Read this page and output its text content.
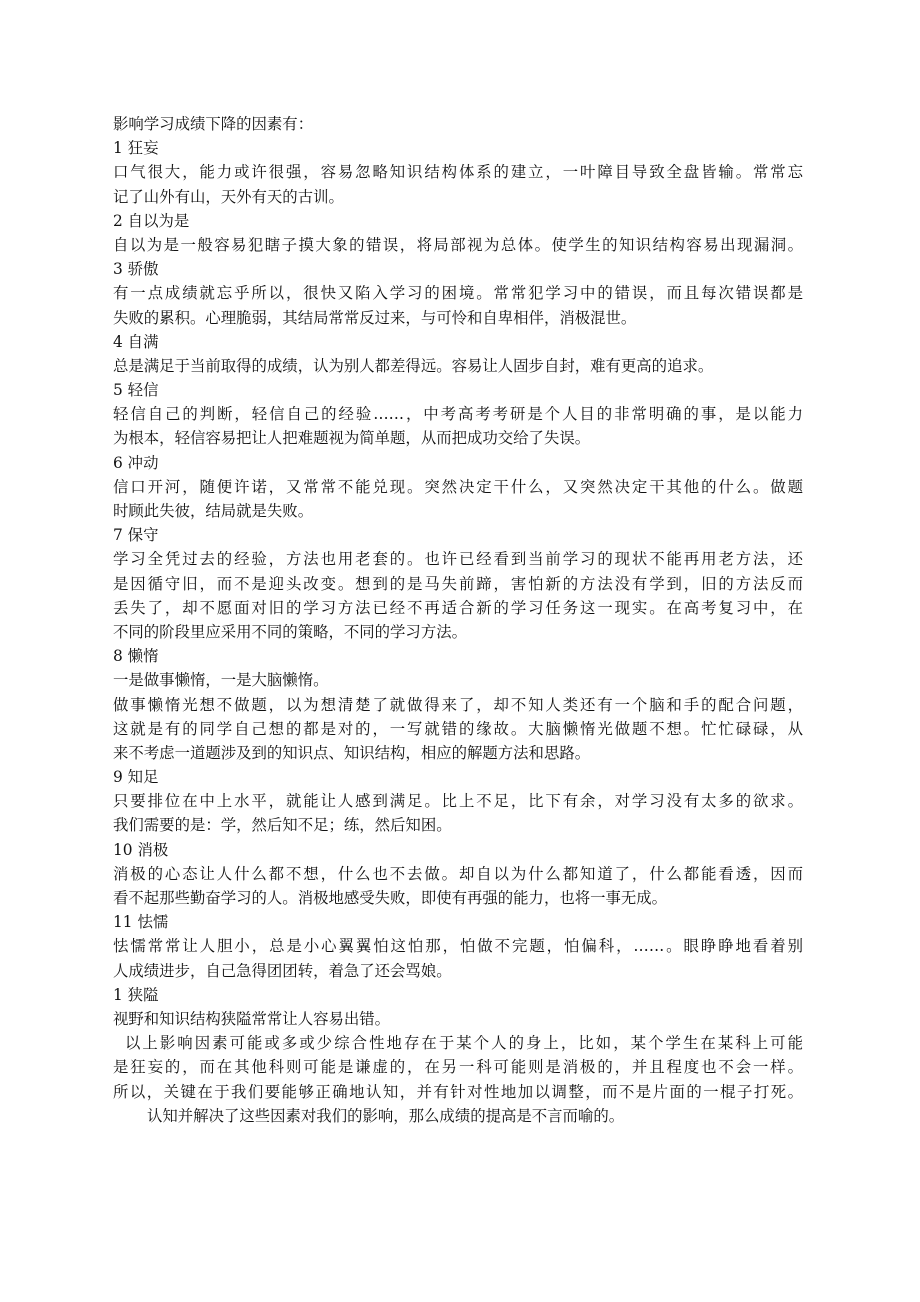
影响学习成绩下降的因素有：
1 狂妄
口气很大，能力或许很强，容易忽略知识结构体系的建立，一叶障目导致全盘皆输。常常忘
记了山外有山，天外有天的古训。
2 自以为是
自以为是一般容易犯瞎子摸大象的错误，将局部视为总体。使学生的知识结构容易出现漏洞。
3 骄傲
有一点成绩就忘乎所以，很快又陷入学习的困境。常常犯学习中的错误，而且每次错误都是
失败的累积。心理脆弱，其结局常常反过来，与可怜和自卑相伴，消极混世。
4 自满
总是满足于当前取得的成绩，认为别人都差得远。容易让人固步自封，难有更高的追求。
5 轻信
轻信自己的判断，轻信自己的经验……，中考高考考研是个人目的非常明确的事，是以能力
为根本，轻信容易把让人把难题视为简单题，从而把成功交给了失误。
6 冲动
信口开河，随便许诺，又常常不能兑现。突然决定干什么，又突然决定干其他的什么。做题
时顾此失彼，结局就是失败。
7 保守
学习全凭过去的经验，方法也用老套的。也许已经看到当前学习的现状不能再用老方法，还
是因循守旧，而不是迎头改变。想到的是马失前蹄，害怕新的方法没有学到，旧的方法反而
丢失了，却不愿面对旧的学习方法已经不再适合新的学习任务这一现实。在高考复习中，在
不同的阶段里应采用不同的策略，不同的学习方法。
8 懒惰
一是做事懒惰，一是大脑懒惰。
做事懒惰光想不做题，以为想清楚了就做得来了，却不知人类还有一个脑和手的配合问题，
这就是有的同学自己想的都是对的，一写就错的缘故。大脑懒惰光做题不想。忙忙碌碌，从
来不考虑一道题涉及到的知识点、知识结构，相应的解题方法和思路。
9 知足
只要排位在中上水平，就能让人感到满足。比上不足，比下有余，对学习没有太多的欲求。
我们需要的是：学，然后知不足；练，然后知困。
10 消极
消极的心态让人什么都不想，什么也不去做。却自以为什么都知道了，什么都能看透，因而
看不起那些勤奋学习的人。消极地感受失败，即使有再强的能力，也将一事无成。
11 怯懦
怯懦常常让人胆小，总是小心翼翼怕这怕那，怕做不完题，怕偏科，……。眼睁睁地看着别
人成绩进步，自己急得团团转，着急了还会骂娘。
1 狭隘
视野和知识结构狭隘常常让人容易出错。
以上影响因素可能或多或少综合性地存在于某个人的身上，比如，某个学生在某科上可能
是狂妄的，而在其他科则可能是谦虚的，在另一科可能则是消极的，并且程度也不会一样。
所以，关键在于我们要能够正确地认知，并有针对性地加以调整，而不是片面的一棍子打死。
认知并解决了这些因素对我们的影响，那么成绩的提高是不言而喻的。
